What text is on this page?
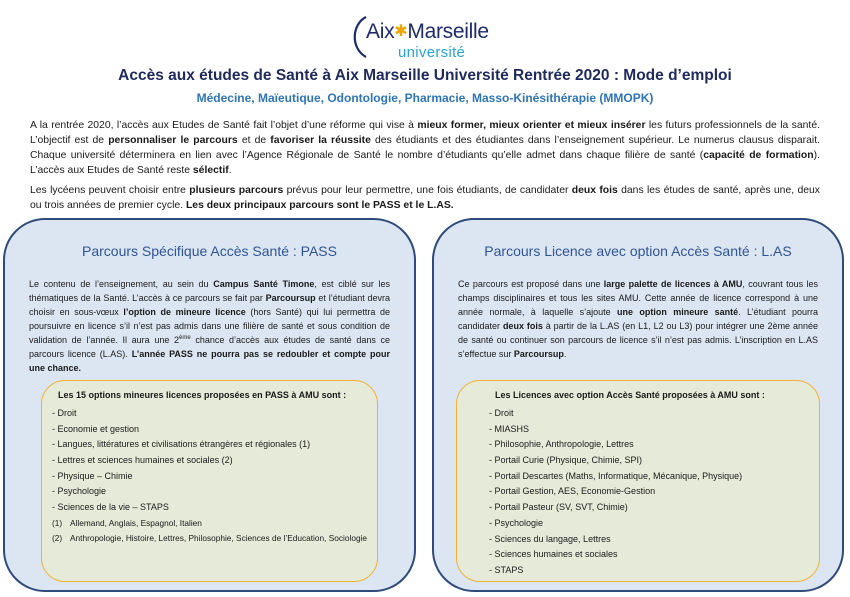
Aix✱Marseille
université
Accès aux études de Santé à Aix Marseille Université Rentrée 2020 : Mode d’emploi
Médecine, Maïeutique, Odontologie, Pharmacie, Masso-Kinésithérapie (MMOPK)

A la rentrée 2020, l’accès aux Etudes de Santé fait l’objet d’une réforme qui vise à mieux former, mieux orienter et mieux insérer les futurs professionnels de la santé. L’objectif est de personnaliser le parcours et de favoriser la réussite des étudiants et des étudiantes dans l’enseignement supérieur. Le numerus clausus disparait. Chaque université déterminera en lien avec l’Agence Régionale de Santé le nombre d’étudiants qu’elle admet dans chaque filière de santé (capacité de formation). L’accès aux Etudes de Santé reste sélectif.

Les lycéens peuvent choisir entre plusieurs parcours prévus pour leur permettre, une fois étudiants, de candidater deux fois dans les études de santé, après une, deux ou trois années de premier cycle. Les deux principaux parcours sont le PASS et le L.AS.

Parcours Spécifique Accès Santé : PASS
Le contenu de l’enseignement, au sein du Campus Santé Timone, est ciblé sur les thématiques de la Santé. L’accès à ce parcours se fait par Parcoursup et l’étudiant devra choisir en sous-vœux l’option de mineure licence (hors Santé) qui lui permettra de poursuivre en licence s’il n’est pas admis dans une filière de santé et sous condition de validation de l’année. Il aura une 2ème chance d’accès aux études de santé dans ce parcours licence (L.AS). L’année PASS ne pourra pas se redoubler et compte pour une chance.
Les 15 options mineures licences proposées en PASS à AMU sont :
- Droit
- Economie et gestion
- Langues, littératures et civilisations étrangères et régionales (1)
- Lettres et sciences humaines et sociales (2)
- Physique – Chimie
- Psychologie
- Sciences de la vie – STAPS
(1) Allemand, Anglais, Espagnol, Italien
(2) Anthropologie, Histoire, Lettres, Philosophie, Sciences de l’Education, Sociologie
Parcours Licence avec option Accès Santé : L.AS
Ce parcours est proposé dans une large palette de licences à AMU, couvrant tous les champs disciplinaires et tous les sites AMU. Cette année de licence correspond à une année normale, à laquelle s’ajoute une option mineure santé. L’étudiant pourra candidater deux fois à partir de la L.AS (en L1, L2 ou L3) pour intégrer une 2ème année de santé ou continuer son parcours de licence s’il n’est pas admis. L’inscription en L.AS s’effectue sur Parcoursup.
Les Licences avec option Accès Santé proposées à AMU sont :
- Droit
- MIASHS
- Philosophie, Anthropologie, Lettres
- Portail Curie (Physique, Chimie, SPI)
- Portail Descartes (Maths, Informatique, Mécanique, Physique)
- Portail Gestion, AES, Economie-Gestion
- Portail Pasteur (SV, SVT, Chimie)
- Psychologie
- Sciences du langage, Lettres
- Sciences humaines et sociales
- STAPS
